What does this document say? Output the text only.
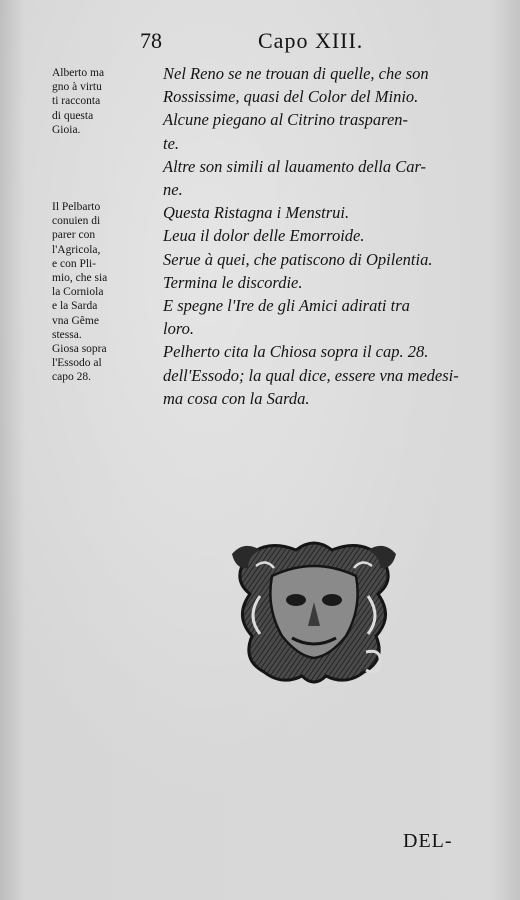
78	Capo XIII.
Alberto ma
gno à virtu
ti racconta
di questa
Gioia.
Il Pelbarto
conuien di
parer con
l'Agricola,
e con Pli-
mio, che sia
la Corniola
e la Sarda
vna Gême
stessa.
Giosa sopra
l'Essodo al
capo 28.
Nel Reno se ne trouan di quelle, che son
Rossissime, quasi del Color del Minio.
Alcune piegano al Citrino trasparen-
te.
Altre son simili al lauamento della Car-
ne.
Questa Ristagna i Menstrui.
Leua il dolor delle Emorroide.
Serue à quei, che patiscono di Opilentia.
Termina le discordie.
E spegne l'Ire de gli Amici adirati tra
loro.
Pelherto cita la Chiosa sopra il cap. 28.
dell'Essodo; la qual dice, essere vna medesi-
ma cosa con la Sarda.
DEL-
